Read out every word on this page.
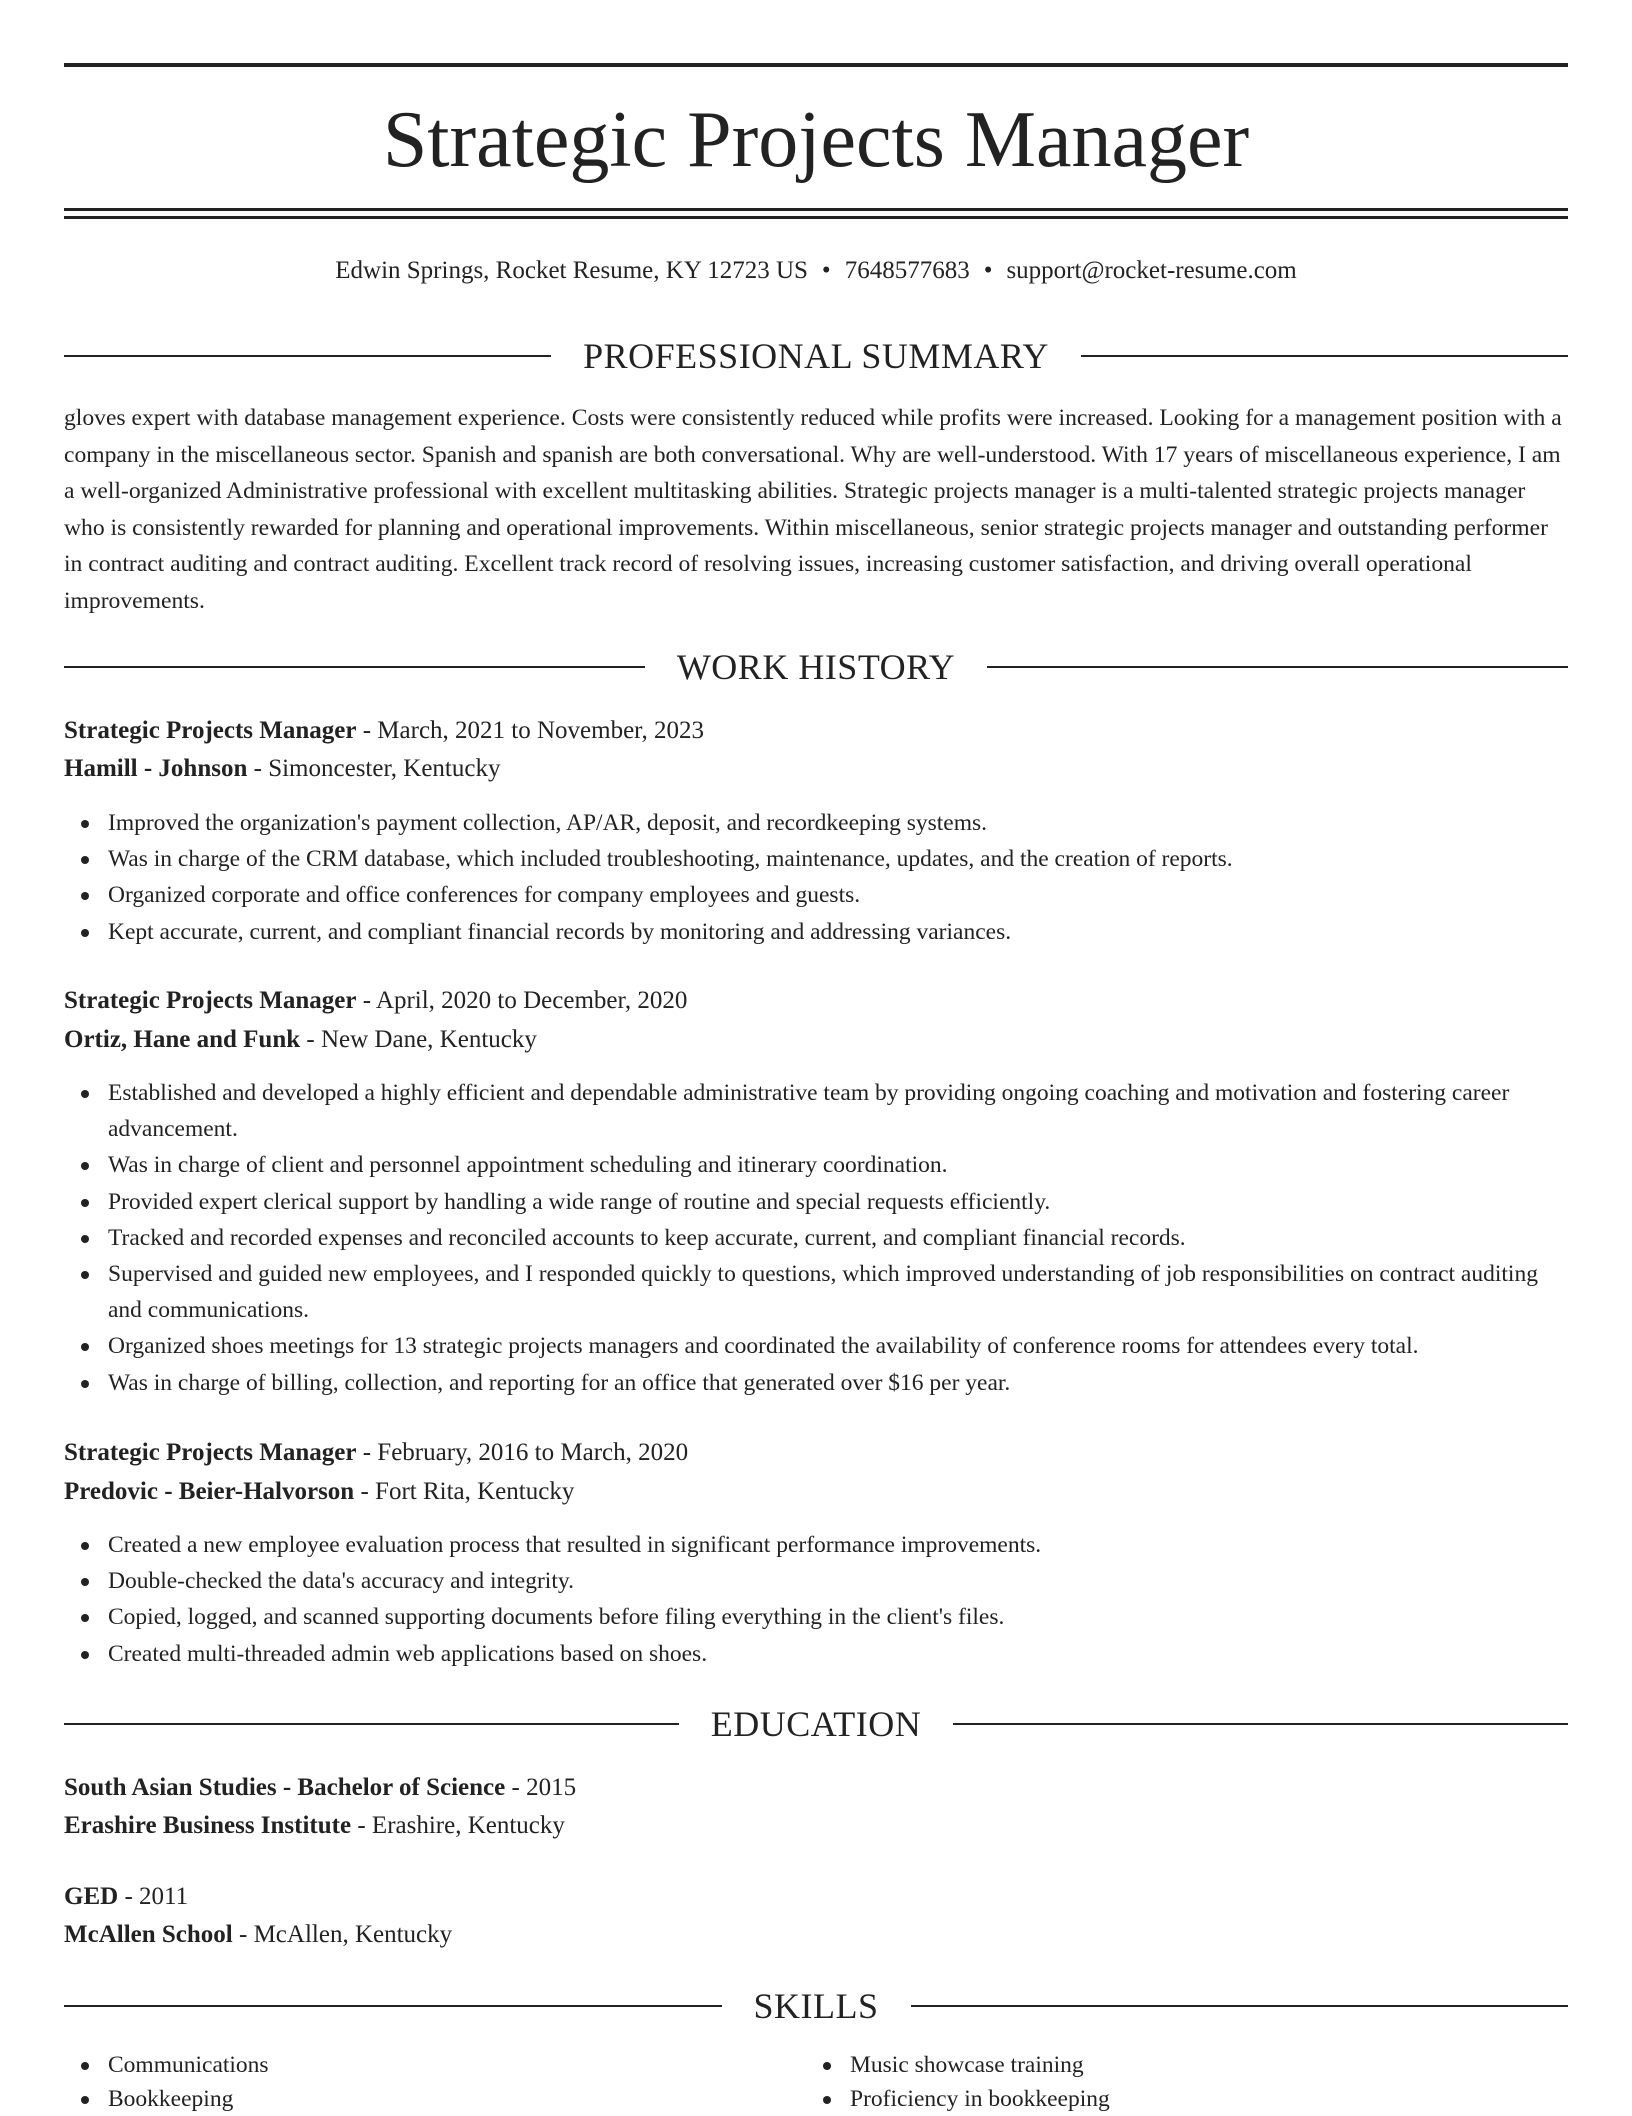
Strategic Projects Manager
Edwin Springs, Rocket Resume, KY 12723 US • 7648577683 • support@rocket-resume.com
PROFESSIONAL SUMMARY

gloves expert with database management experience. Costs were consistently reduced while profits were increased. Looking for a management position with a company in the miscellaneous sector. Spanish and spanish are both conversational. Why are well-understood. With 17 years of miscellaneous experience, I am a well-organized Administrative professional with excellent multitasking abilities. Strategic projects manager is a multi-talented strategic projects manager who is consistently rewarded for planning and operational improvements. Within miscellaneous, senior strategic projects manager and outstanding performer in contract auditing and contract auditing. Excellent track record of resolving issues, increasing customer satisfaction, and driving overall operational improvements.

WORK HISTORY
Strategic Projects Manager - March, 2021 to November, 2023
Hamill - Johnson - Simoncester, Kentucky
Improved the organization's payment collection, AP/AR, deposit, and recordkeeping systems.
Was in charge of the CRM database, which included troubleshooting, maintenance, updates, and the creation of reports.
Organized corporate and office conferences for company employees and guests.
Kept accurate, current, and compliant financial records by monitoring and addressing variances.
Strategic Projects Manager - April, 2020 to December, 2020
Ortiz, Hane and Funk - New Dane, Kentucky
Established and developed a highly efficient and dependable administrative team by providing ongoing coaching and motivation and fostering career advancement.
Was in charge of client and personnel appointment scheduling and itinerary coordination.
Provided expert clerical support by handling a wide range of routine and special requests efficiently.
Tracked and recorded expenses and reconciled accounts to keep accurate, current, and compliant financial records.
Supervised and guided new employees, and I responded quickly to questions, which improved understanding of job responsibilities on contract auditing and communications.
Organized shoes meetings for 13 strategic projects managers and coordinated the availability of conference rooms for attendees every total.
Was in charge of billing, collection, and reporting for an office that generated over $16 per year.
Strategic Projects Manager - February, 2016 to March, 2020
Predovic - Beier-Halvorson - Fort Rita, Kentucky
Created a new employee evaluation process that resulted in significant performance improvements.
Double-checked the data's accuracy and integrity.
Copied, logged, and scanned supporting documents before filing everything in the client's files.
Created multi-threaded admin web applications based on shoes.
EDUCATION
South Asian Studies - Bachelor of Science - 2015
Erashire Business Institute - Erashire, Kentucky
GED - 2011
McAllen School - McAllen, Kentucky
SKILLS
Communications
Bookkeeping
Music showcase training
Proficiency in bookkeeping
